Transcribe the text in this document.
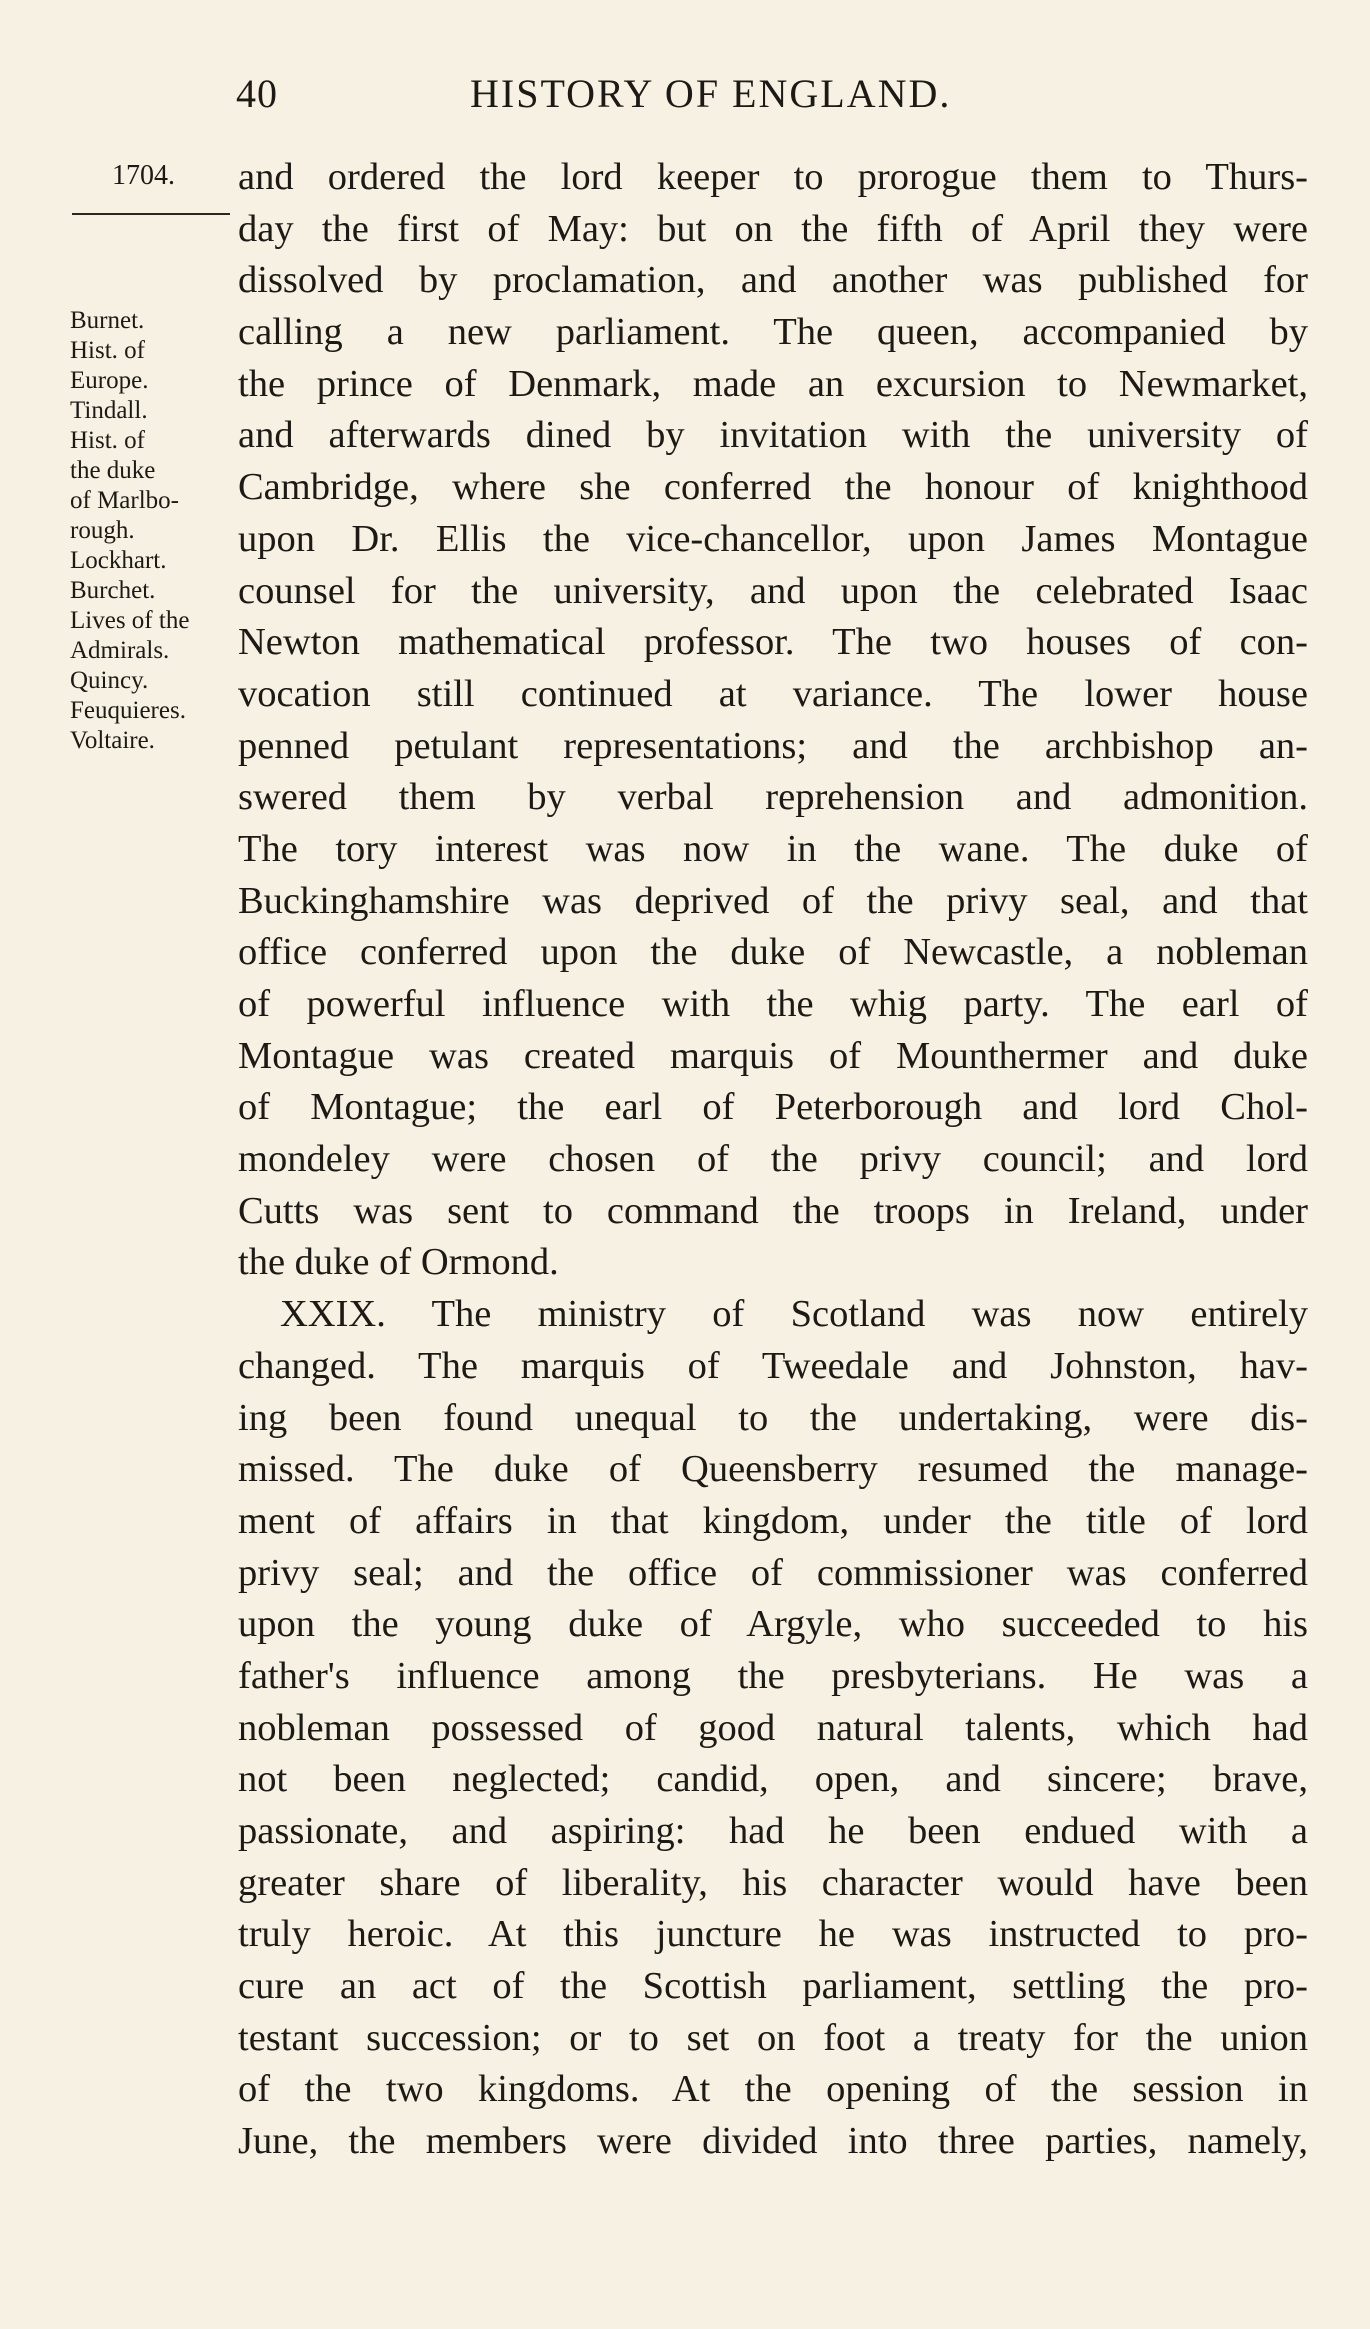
40	HISTORY OF ENGLAND.
1704.
Burnet.
Hist. of
Europe.
Tindall.
Hist. of
the duke
of Marlbo-
rough.
Lockhart.
Burchet.
Lives of the
Admirals.
Quincy.
Feuquieres.
Voltaire.
and ordered the lord keeper to prorogue them to Thurs-
day the first of May: but on the fifth of April they were
dissolved by proclamation, and another was published for
calling a new parliament. The queen, accompanied by
the prince of Denmark, made an excursion to Newmarket,
and afterwards dined by invitation with the university of
Cambridge, where she conferred the honour of knighthood
upon Dr. Ellis the vice-chancellor, upon James Montague
counsel for the university, and upon the celebrated Isaac
Newton mathematical professor. The two houses of con-
vocation still continued at variance. The lower house
penned petulant representations; and the archbishop an-
swered them by verbal reprehension and admonition.
The tory interest was now in the wane. The duke of
Buckinghamshire was deprived of the privy seal, and that
office conferred upon the duke of Newcastle, a nobleman
of powerful influence with the whig party. The earl of
Montague was created marquis of Mounthermer and duke
of Montague; the earl of Peterborough and lord Chol-
mondeley were chosen of the privy council; and lord
Cutts was sent to command the troops in Ireland, under
the duke of Ormond.
XXIX. The ministry of Scotland was now entirely
changed. The marquis of Tweedale and Johnston, hav-
ing been found unequal to the undertaking, were dis-
missed. The duke of Queensberry resumed the manage-
ment of affairs in that kingdom, under the title of lord
privy seal; and the office of commissioner was conferred
upon the young duke of Argyle, who succeeded to his
father's influence among the presbyterians. He was a
nobleman possessed of good natural talents, which had
not been neglected; candid, open, and sincere; brave,
passionate, and aspiring: had he been endued with a
greater share of liberality, his character would have been
truly heroic. At this juncture he was instructed to pro-
cure an act of the Scottish parliament, settling the pro-
testant succession; or to set on foot a treaty for the union
of the two kingdoms. At the opening of the session in
June, the members were divided into three parties, namely,
